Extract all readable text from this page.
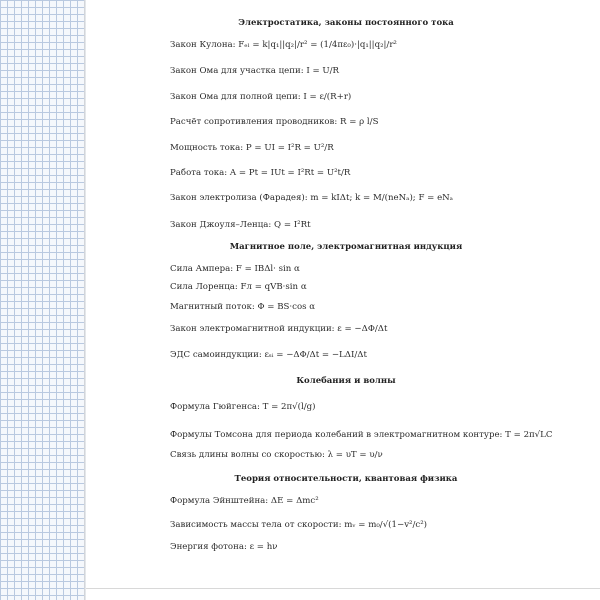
Электростатика, законы постоянного тока
Закон Кулона: Fₑₗ = k|q₁||q₂|/r² = (1/4πε₀)·|q₁||q₂|/r²
Закон Ома для участка цепи: I = U/R
Закон Ома для полной цепи: I = ε/(R+r)
Расчёт сопротивления проводников: R = ρ l/S
Мощность тока: P = UI = I²R = U²/R
Работа тока: A = Pt = IUt = I²Rt = U²t/R
Закон электролиза (Фарадея): m = kIΔt; k = M/(neNₐ); F = eNₐ
Закон Джоуля–Ленца: Q = I²Rt
Магнитное поле, электромагнитная индукция
Сила Ампера: F = IBΔl· sin α
Сила Лоренца: Fл = qVB·sin α
Магнитный поток: Φ = BS·cos α
Закон электромагнитной индукции: ε = −ΔΦ/Δt
ЭДС самоиндукции: εₛᵢ = −ΔΦ/Δt = −LΔI/Δt
Колебания и волны
Формула Гюйгенса: T = 2π√(l/g)
Формулы Томсона для периода колебаний в электромагнитном контуре: T = 2π√LC
Связь длины волны со скоростью: λ = υT = υ/ν
Теория относительности, квантовая физика
Формула Эйнштейна: ΔE = Δmc²
Зависимость массы тела от скорости: mᵥ = m₀/√(1−v²/c²)
Энергия фотона: ε = hν
